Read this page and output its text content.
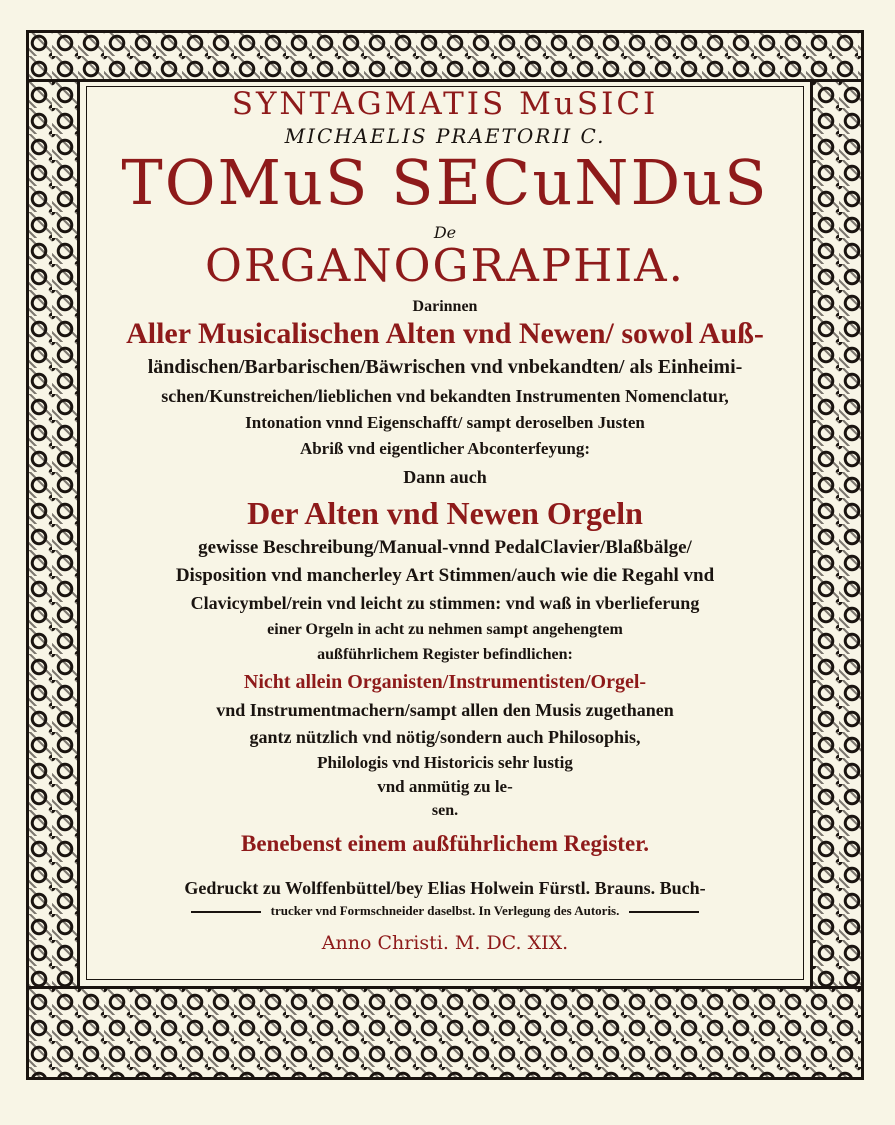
SYNTAGMATIS MuSICI
MICHAELIS PRAETORII C.
TOMuS SECuNDuS
De
ORGANOGRAPHIA.
Darinnen
Aller Musicalischen Alten vnd Newen/ sowol Auß-
ländischen/Barbarischen/Bäwrischen vnd vnbekandten/ als Einheimi-
schen/Kunstreichen/lieblichen vnd bekandten Instrumenten Nomenclatur,
Intonation vnnd Eigenschafft/ sampt deroselben Justen
Abriß vnd eigentlicher Abconterfeyung:
Dann auch
Der Alten vnd Newen Orgeln
gewisse Beschreibung/Manual-vnnd PedalClavier/Blaßbälge/
Disposition vnd mancherley Art Stimmen/auch wie die Regahl vnd
Clavicymbel/rein vnd leicht zu stimmen: vnd waß in vberlieferung
einer Orgeln in acht zu nehmen sampt angehengtem
außführlichem Register befindlichen:
Nicht allein Organisten/Instrumentisten/Orgel-
vnd Instrumentmachern/sampt allen den Musis zugethanen
gantz nützlich vnd nötig/sondern auch Philosophis,
Philologis vnd Historicis sehr lustig
vnd anmütig zu le-
sen.
Benebenst einem außführlichem Register.
Gedruckt zu Wolffenbüttel/bey Elias Holwein Fürstl. Brauns. Buch-
trucker vnd Formschneider daselbst. In Verlegung des Autoris.
Anno Christi. M. DC. XIX.
